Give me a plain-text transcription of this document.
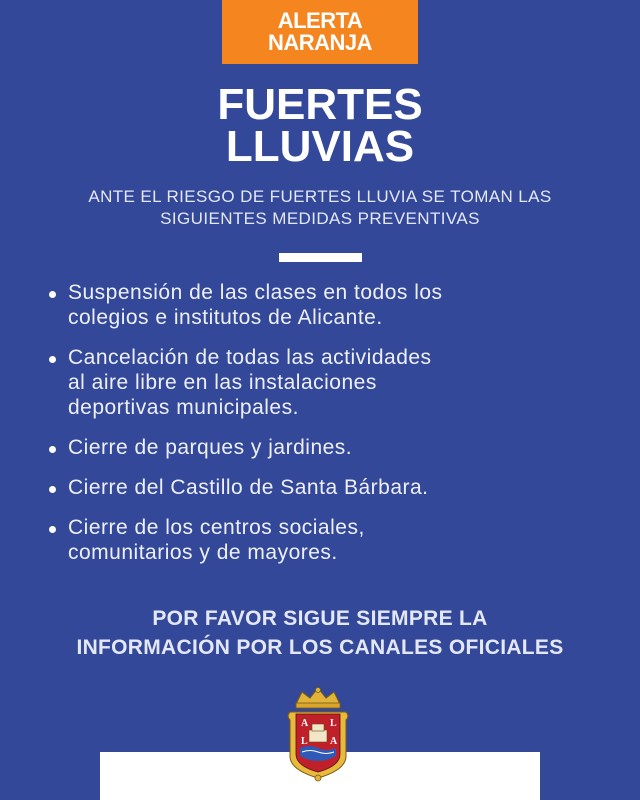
ALERTA
NARANJA
FUERTES
LLUVIAS
ANTE EL RIESGO DE FUERTES LLUVIA SE TOMAN LAS
SIGUIENTES MEDIDAS PREVENTIVAS
Suspensión de las clases en todos los
colegios e institutos de Alicante.
Cancelación de todas las actividades
al aire libre en las instalaciones
deportivas municipales.
Cierre de parques y jardines.
Cierre del Castillo de Santa Bárbara.
Cierre de los centros sociales,
comunitarios y de mayores.
POR FAVOR SIGUE SIEMPRE LA
INFORMACIÓN POR LOS CANALES OFICIALES
A L
L A
